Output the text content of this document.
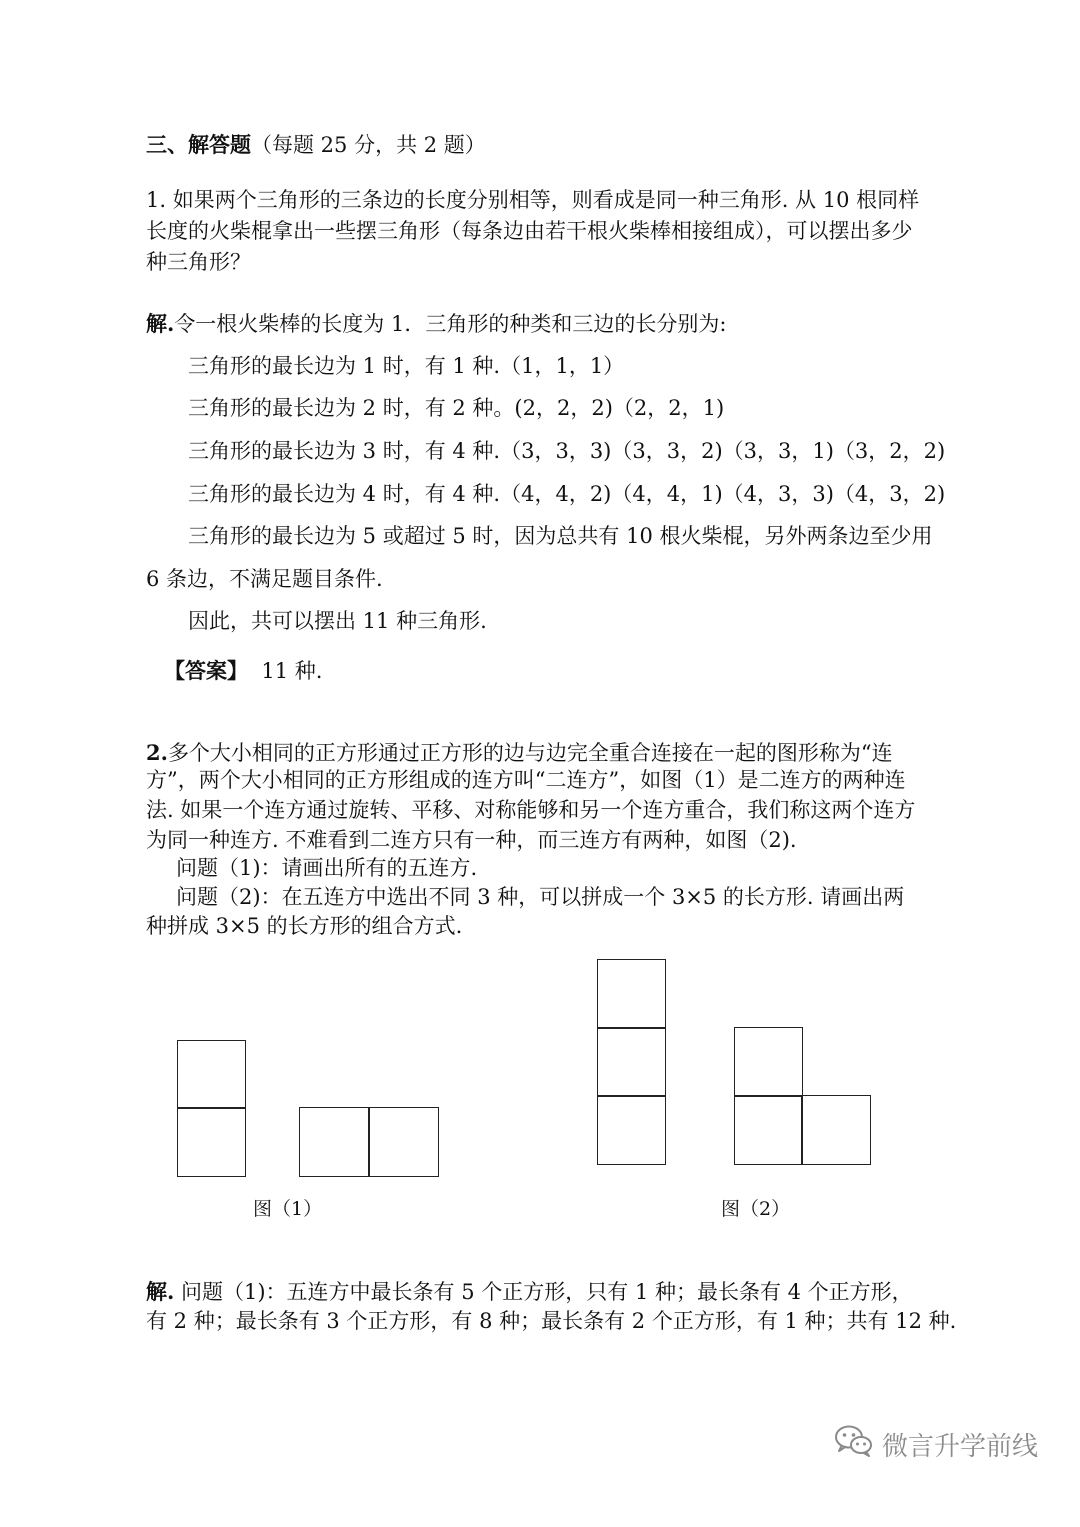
三、解答题（每题 25 分，共 2 题）
1. 如果两个三角形的三条边的长度分别相等，则看成是同一种三角形. 从 10 根同样
长度的火柴棍拿出一些摆三角形（每条边由若干根火柴棒相接组成），可以摆出多少
种三角形？
解.令一根火柴棒的长度为 1．三角形的种类和三边的长分别为:
三角形的最长边为 1 时，有 1 种.（1，1，1）
三角形的最长边为 2 时，有 2 种。(2，2，2)（2，2，1)
三角形的最长边为 3 时，有 4 种.（3，3，3)（3，3，2)（3，3，1)（3，2，2)
三角形的最长边为 4 时，有 4 种.（4，4，2)（4，4，1)（4，3，3)（4，3，2)
三角形的最长边为 5 或超过 5 时，因为总共有 10 根火柴棍，另外两条边至少用
6 条边，不满足题目条件.
因此，共可以摆出 11 种三角形.
【答案】 11 种.
2.多个大小相同的正方形通过正方形的边与边完全重合连接在一起的图形称为“连
方”，两个大小相同的正方形组成的连方叫“二连方”，如图（1）是二连方的两种连
法. 如果一个连方通过旋转、平移、对称能够和另一个连方重合，我们称这两个连方
为同一种连方. 不难看到二连方只有一种，而三连方有两种，如图（2).
问题（1)：请画出所有的五连方.
问题（2)：在五连方中选出不同 3 种，可以拼成一个 3×5 的长方形. 请画出两
种拼成 3×5 的长方形的组合方式.
图（1）	图（2）
解. 问题（1)：五连方中最长条有 5 个正方形，只有 1 种；最长条有 4 个正方形，
有 2 种；最长条有 3 个正方形，有 8 种；最长条有 2 个正方形，有 1 种；共有 12 种.
微言升学前线
